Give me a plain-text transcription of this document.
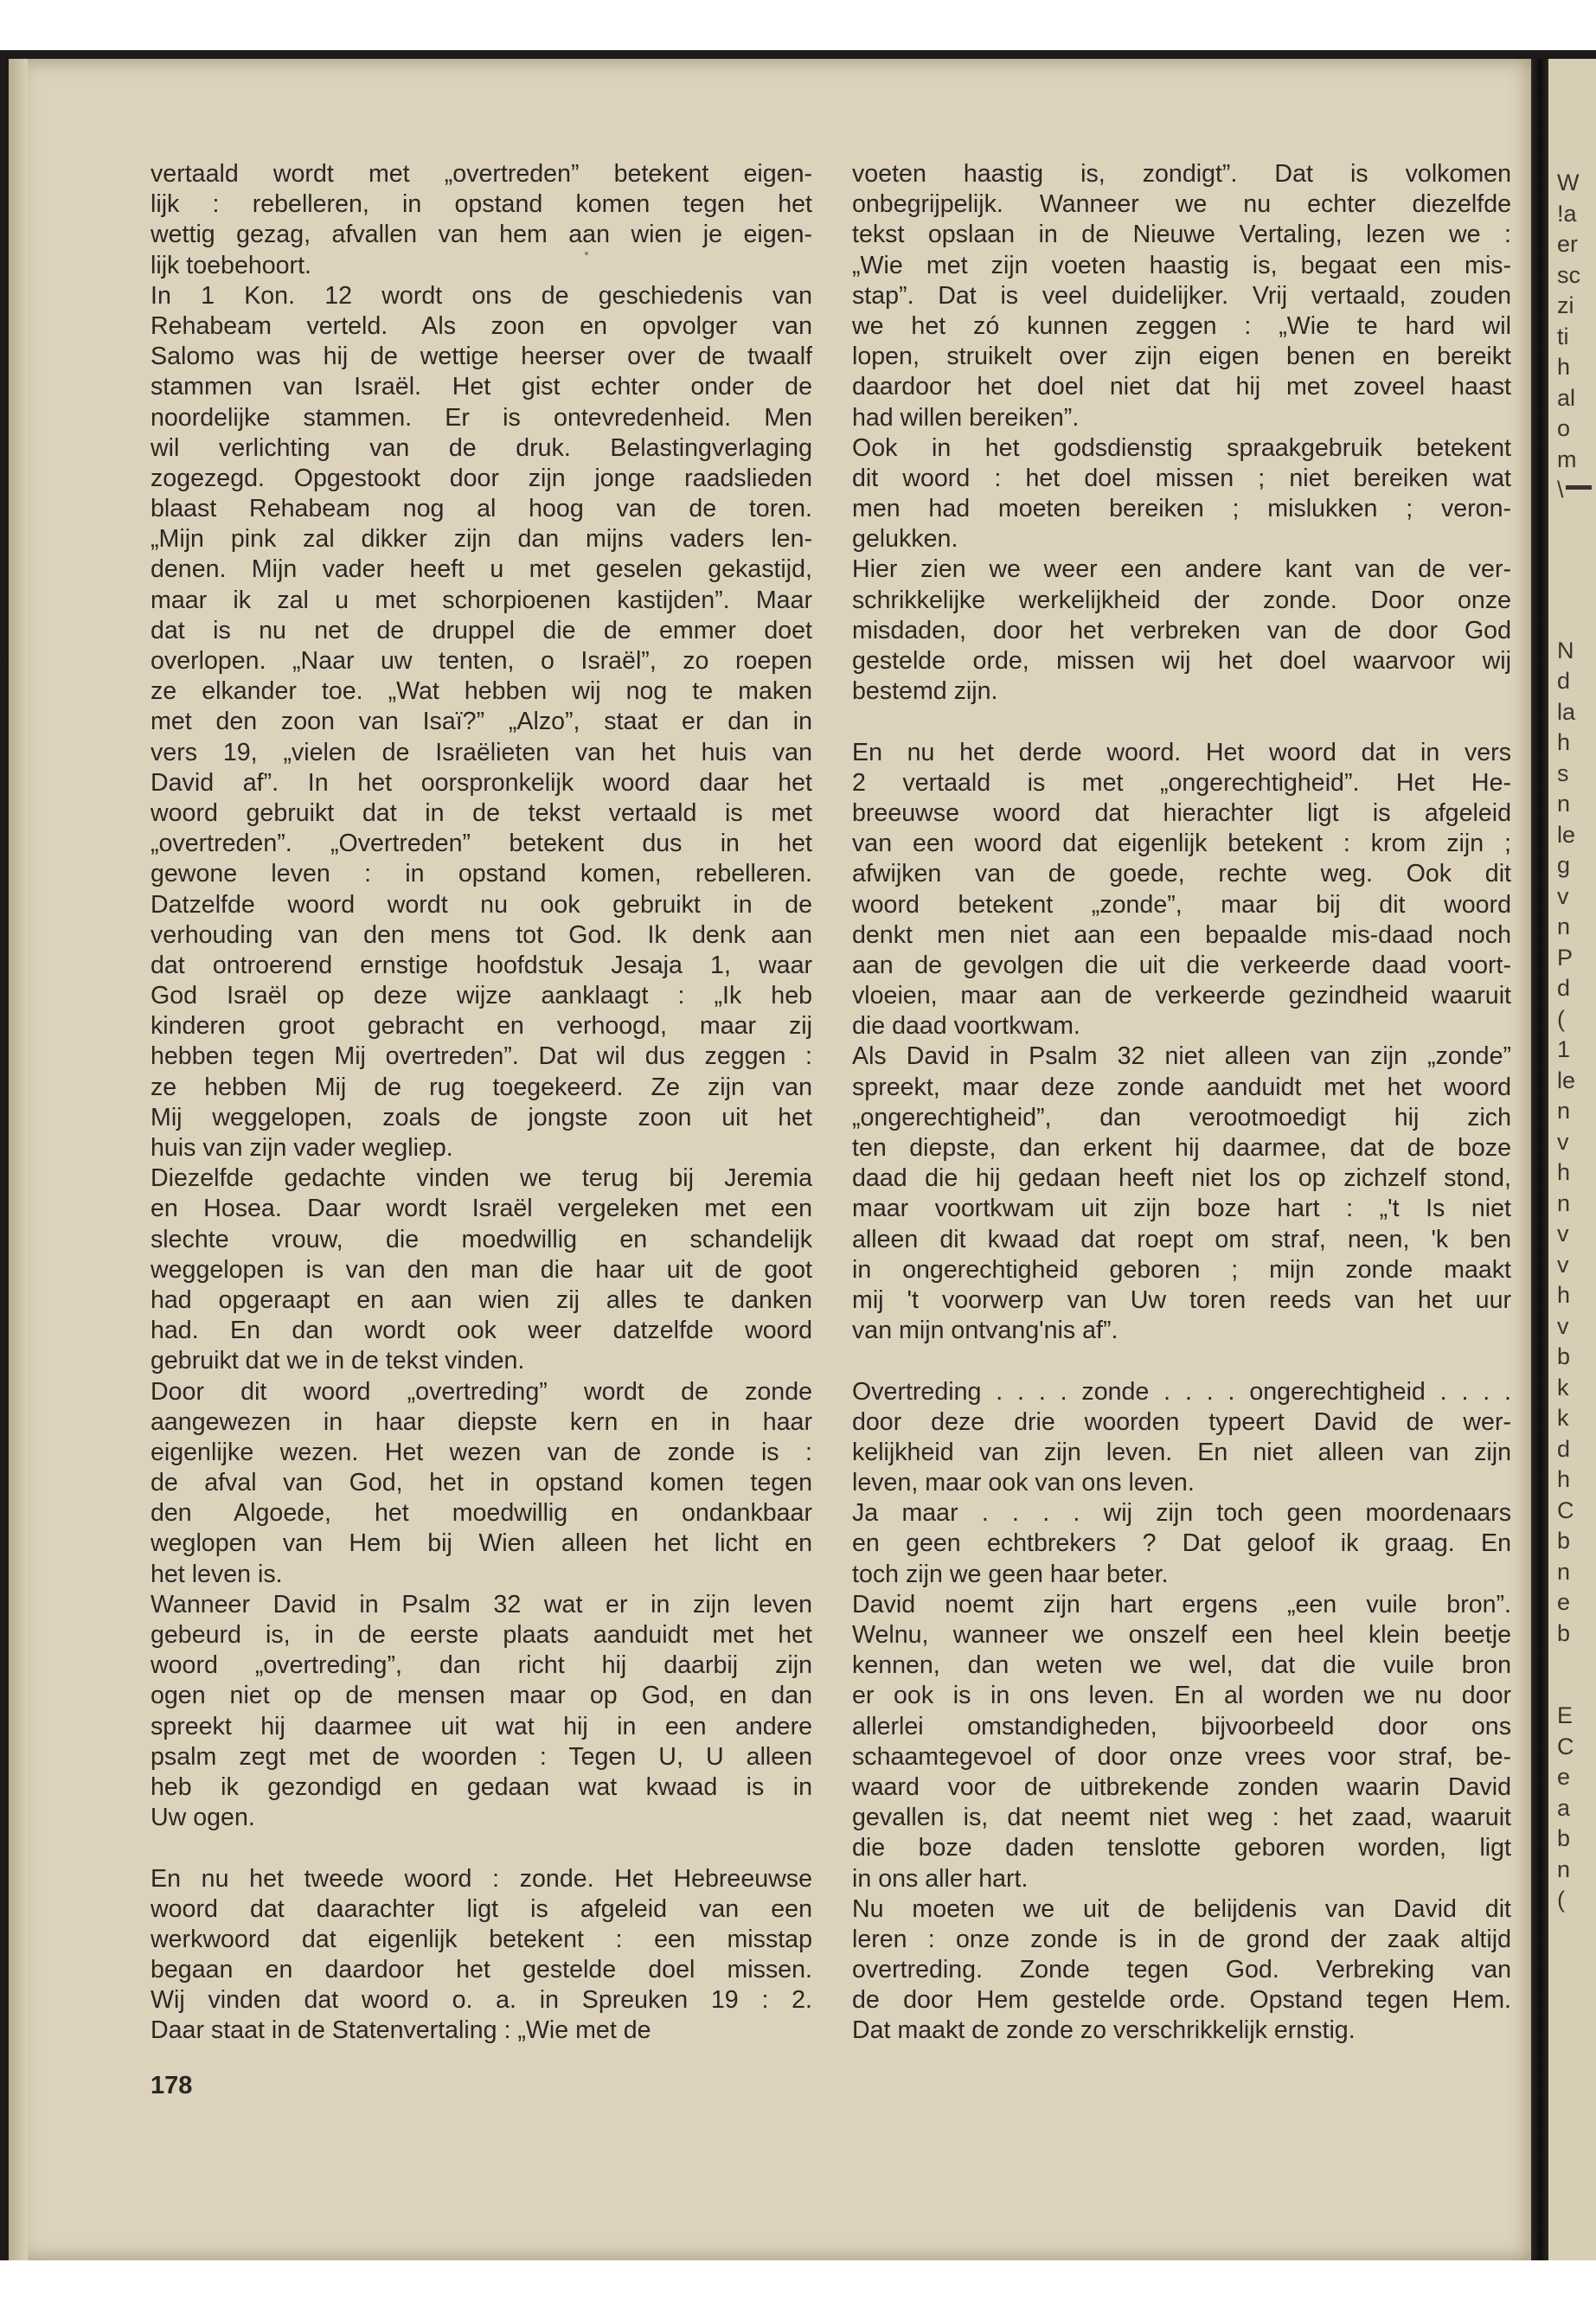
W
!a
er
sc
zi
ti
h
al
o
m
\
N
d
la
h
s
n
le
g
v
n
P
d
(
1
le
n
v
h
n
v
v
h
v
b
k
k
d
h
C
b
n
e
b
E
C
e
a
b
n
(
vertaald wordt met „overtreden” betekent eigen-
lijk : rebelleren, in opstand komen tegen het
wettig gezag, afvallen van hem aan wien je eigen-
lijk toebehoort.
In 1 Kon. 12 wordt ons de geschiedenis van
Rehabeam verteld. Als zoon en opvolger van
Salomo was hij de wettige heerser over de twaalf
stammen van Israël. Het gist echter onder de
noordelijke stammen. Er is ontevredenheid. Men
wil verlichting van de druk. Belastingverlaging
zogezegd. Opgestookt door zijn jonge raadslieden
blaast Rehabeam nog al hoog van de toren.
„Mijn pink zal dikker zijn dan mijns vaders len-
denen. Mijn vader heeft u met geselen gekastijd,
maar ik zal u met schorpioenen kastijden”. Maar
dat is nu net de druppel die de emmer doet
overlopen. „Naar uw tenten, o Israël”, zo roepen
ze elkander toe. „Wat hebben wij nog te maken
met den zoon van Isaï?” „Alzo”, staat er dan in
vers 19, „vielen de Israëlieten van het huis van
David af”. In het oorspronkelijk woord daar het
woord gebruikt dat in de tekst vertaald is met
„overtreden”. „Overtreden” betekent dus in het
gewone leven : in opstand komen, rebelleren.
Datzelfde woord wordt nu ook gebruikt in de
verhouding van den mens tot God. Ik denk aan
dat ontroerend ernstige hoofdstuk Jesaja 1, waar
God Israël op deze wijze aanklaagt : „Ik heb
kinderen groot gebracht en verhoogd, maar zij
hebben tegen Mij overtreden”. Dat wil dus zeggen :
ze hebben Mij de rug toegekeerd. Ze zijn van
Mij weggelopen, zoals de jongste zoon uit het
huis van zijn vader wegliep.
Diezelfde gedachte vinden we terug bij Jeremia
en Hosea. Daar wordt Israël vergeleken met een
slechte vrouw, die moedwillig en schandelijk
weggelopen is van den man die haar uit de goot
had opgeraapt en aan wien zij alles te danken
had. En dan wordt ook weer datzelfde woord
gebruikt dat we in de tekst vinden.
Door dit woord „overtreding” wordt de zonde
aangewezen in haar diepste kern en in haar
eigenlijke wezen. Het wezen van de zonde is :
de afval van God, het in opstand komen tegen
den Algoede, het moedwillig en ondankbaar
weglopen van Hem bij Wien alleen het licht en
het leven is.
Wanneer David in Psalm 32 wat er in zijn leven
gebeurd is, in de eerste plaats aanduidt met het
woord „overtreding”, dan richt hij daarbij zijn
ogen niet op de mensen maar op God, en dan
spreekt hij daarmee uit wat hij in een andere
psalm zegt met de woorden : Tegen U, U alleen
heb ik gezondigd en gedaan wat kwaad is in
Uw ogen.
En nu het tweede woord : zonde. Het Hebreeuwse
woord dat daarachter ligt is afgeleid van een
werkwoord dat eigenlijk betekent : een misstap
begaan en daardoor het gestelde doel missen.
Wij vinden dat woord o. a. in Spreuken 19 : 2.
Daar staat in de Statenvertaling : „Wie met de
voeten haastig is, zondigt”. Dat is volkomen
onbegrijpelijk. Wanneer we nu echter diezelfde
tekst opslaan in de Nieuwe Vertaling, lezen we :
„Wie met zijn voeten haastig is, begaat een mis-
stap”. Dat is veel duidelijker. Vrij vertaald, zouden
we het zó kunnen zeggen : „Wie te hard wil
lopen, struikelt over zijn eigen benen en bereikt
daardoor het doel niet dat hij met zoveel haast
had willen bereiken”.
Ook in het godsdienstig spraakgebruik betekent
dit woord : het doel missen ; niet bereiken wat
men had moeten bereiken ; mislukken ; veron-
gelukken.
Hier zien we weer een andere kant van de ver-
schrikkelijke werkelijkheid der zonde. Door onze
misdaden, door het verbreken van de door God
gestelde orde, missen wij het doel waarvoor wij
bestemd zijn.
En nu het derde woord. Het woord dat in vers
2 vertaald is met „ongerechtigheid”. Het He-
breeuwse woord dat hierachter ligt is afgeleid
van een woord dat eigenlijk betekent : krom zijn ;
afwijken van de goede, rechte weg. Ook dit
woord betekent „zonde”, maar bij dit woord
denkt men niet aan een bepaalde mis-daad noch
aan de gevolgen die uit die verkeerde daad voort-
vloeien, maar aan de verkeerde gezindheid waaruit
die daad voortkwam.
Als David in Psalm 32 niet alleen van zijn „zonde”
spreekt, maar deze zonde aanduidt met het woord
„ongerechtigheid”, dan verootmoedigt hij zich
ten diepste, dan erkent hij daarmee, dat de boze
daad die hij gedaan heeft niet los op zichzelf stond,
maar voortkwam uit zijn boze hart : „'t Is niet
alleen dit kwaad dat roept om straf, neen, 'k ben
in ongerechtigheid geboren ; mijn zonde maakt
mij 't voorwerp van Uw toren reeds van het uur
van mijn ontvang'nis af”.
Overtreding . . . . zonde . . . . ongerechtigheid . . . .
door deze drie woorden typeert David de wer-
kelijkheid van zijn leven. En niet alleen van zijn
leven, maar ook van ons leven.
Ja maar . . . . wij zijn toch geen moordenaars
en geen echtbrekers ? Dat geloof ik graag. En
toch zijn we geen haar beter.
David noemt zijn hart ergens „een vuile bron”.
Welnu, wanneer we onszelf een heel klein beetje
kennen, dan weten we wel, dat die vuile bron
er ook is in ons leven. En al worden we nu door
allerlei omstandigheden, bijvoorbeeld door ons
schaamtegevoel of door onze vrees voor straf, be-
waard voor de uitbrekende zonden waarin David
gevallen is, dat neemt niet weg : het zaad, waaruit
die boze daden tenslotte geboren worden, ligt
in ons aller hart.
Nu moeten we uit de belijdenis van David dit
leren : onze zonde is in de grond der zaak altijd
overtreding. Zonde tegen God. Verbreking van
de door Hem gestelde orde. Opstand tegen Hem.
Dat maakt de zonde zo verschrikkelijk ernstig.
178
